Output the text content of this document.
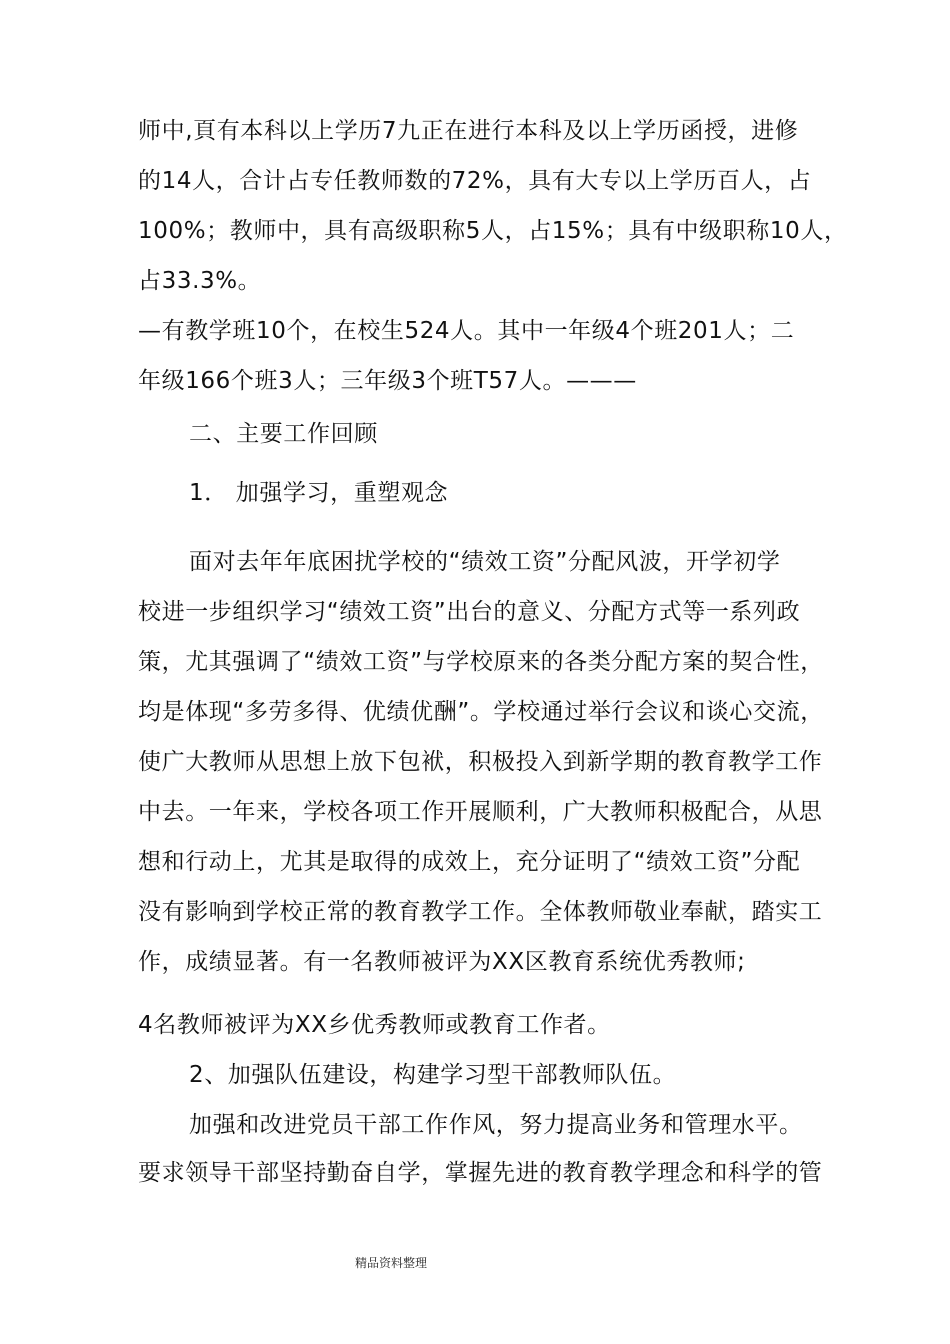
师中,頁有本科以上学历7九正在进行本科及以上学历函授，进修
的14人，合计占专任教师数的72%，具有大专以上学历百人，占
100%；教师中，具有高级职称5人，占15%；具有中级职称10人，
占33.3%。
—有教学班10个，在校生524人。其中一年级4个班201人；二
年级166个班3人；三年级3个班T57人。———
二、主要工作回顾
1． 加强学习，重塑观念
面对去年年底困扰学校的“绩效工资”分配风波，开学初学
校进一步组织学习“绩效工资”出台的意义、分配方式等一系列政
策，尤其强调了“绩效工资”与学校原来的各类分配方案的契合性，
均是体现“多劳多得、优绩优酬”。学校通过举行会议和谈心交流，
使广大教师从思想上放下包袱，积极投入到新学期的教育教学工作
中去。一年来，学校各项工作开展顺利，广大教师积极配合，从思
想和行动上，尤其是取得的成效上，充分证明了“绩效工资”分配
没有影响到学校正常的教育教学工作。全体教师敬业奉献，踏实工
作，成绩显著。有一名教师被评为XX区教育系统优秀教师;
4名教师被评为XX乡优秀教师或教育工作者。
2、加强队伍建设，构建学习型干部教师队伍。
加强和改进党员干部工作作风，努力提高业务和管理水平。
要求领导干部坚持勤奋自学，掌握先进的教育教学理念和科学的管
精品资料整理
